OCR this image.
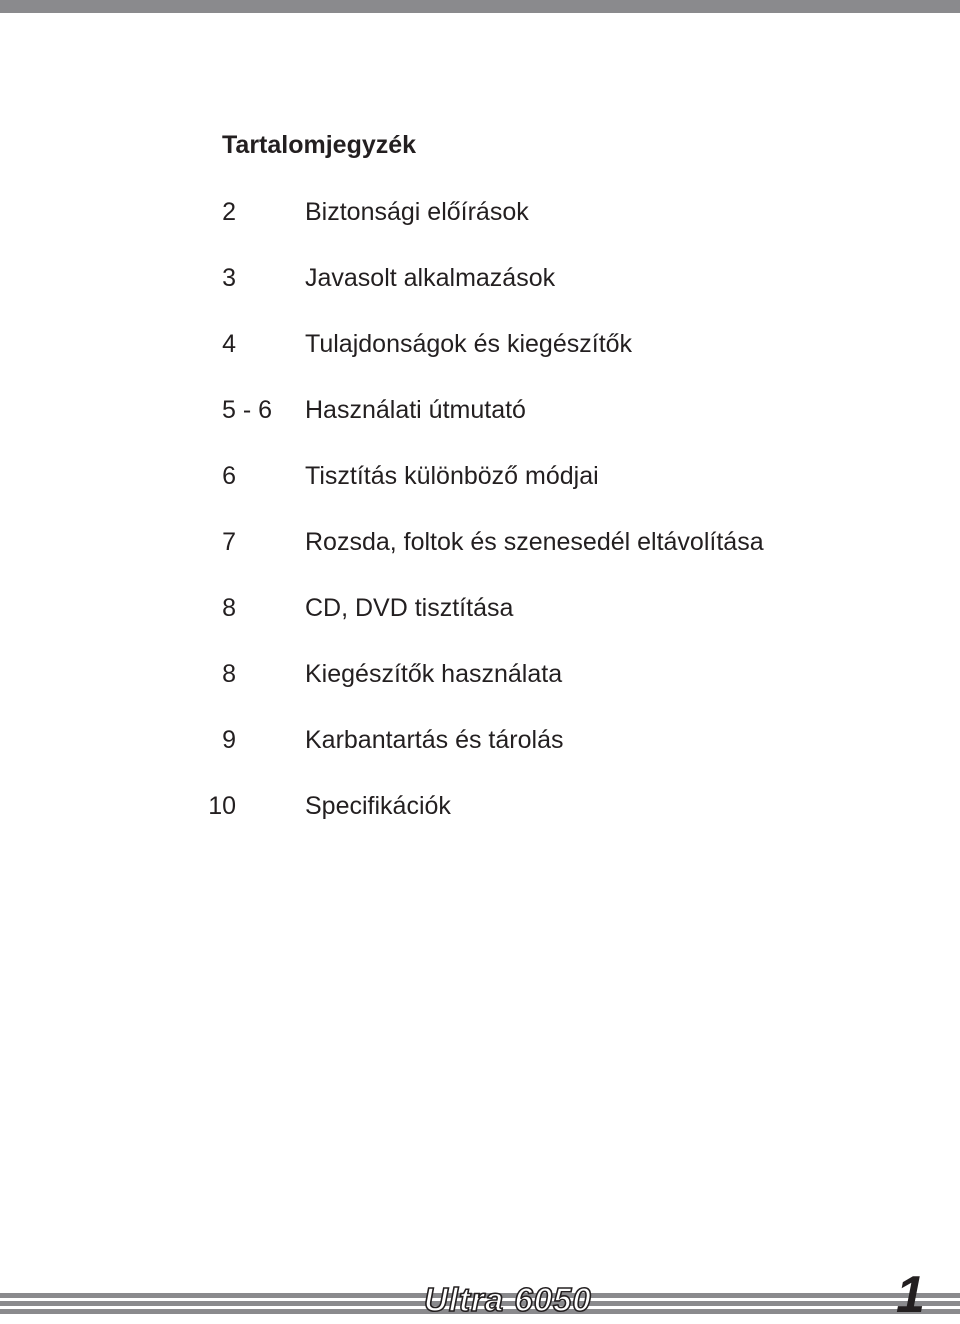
Tartalomjegyzék
2	Biztonsági előírások
3	Javasolt alkalmazások
4	Tulajdonságok és kiegészítők
5 - 6 Használati útmutató
6	Tisztítás különböző módjai
7	Rozsda, foltok és szenesedél eltávolítása
8	CD, DVD tisztítása
8	Kiegészítők használata
9	Karbantartás és tárolás
10	Specifikációk
Ultra 6050	1
